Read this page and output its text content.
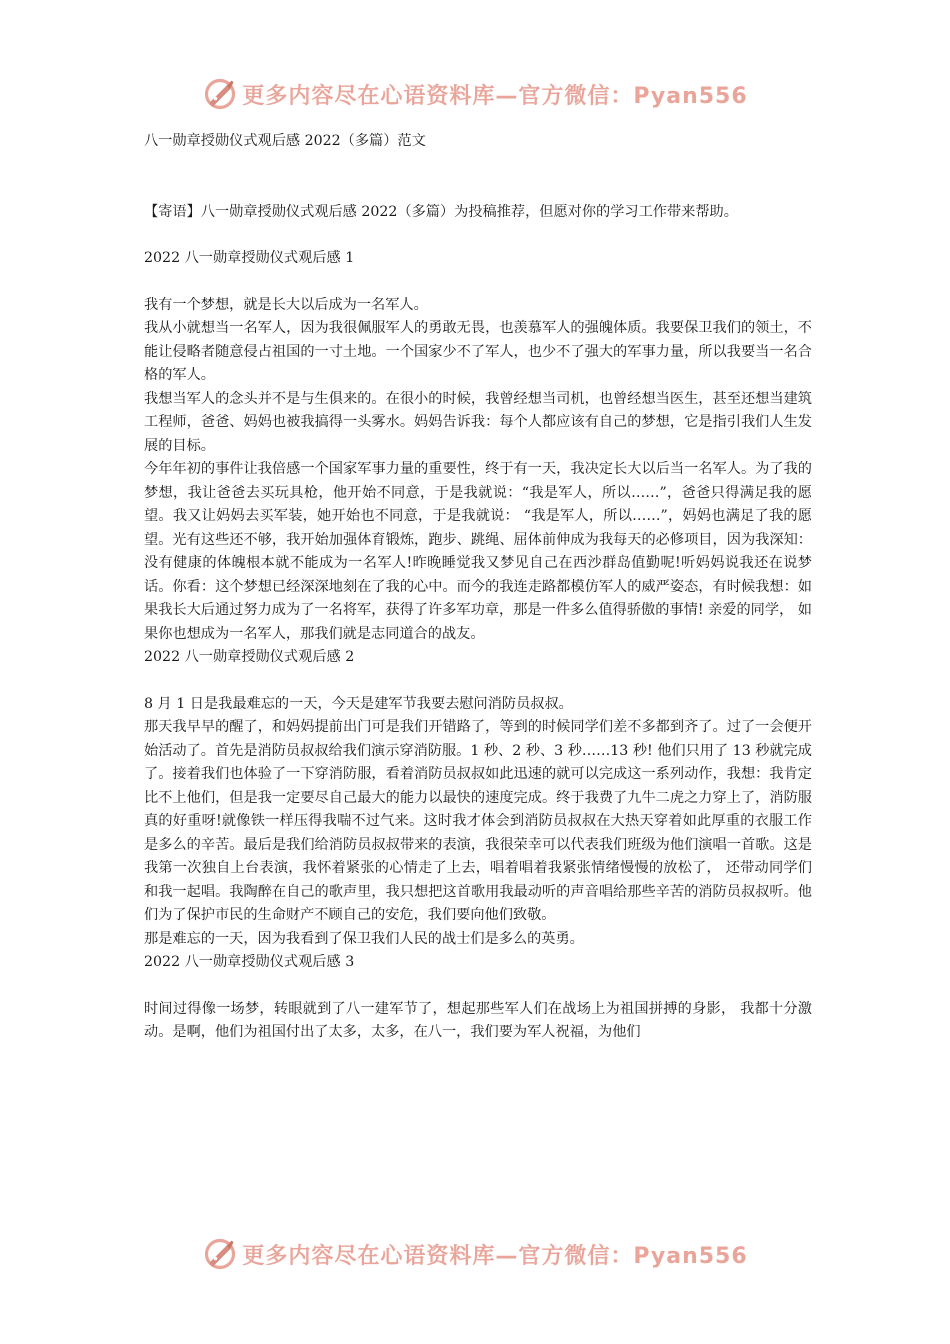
更多内容尽在心语资料库—官方微信：Pyan556

八一勋章授勋仪式观后感 2022（多篇）范文

【寄语】八一勋章授勋仪式观后感 2022（多篇）为投稿推荐，但愿对你的学习工作带来帮助。

2022 八一勋章授勋仪式观后感 1

我有一个梦想，就是长大以后成为一名军人。

我从小就想当一名军人，因为我很佩服军人的勇敢无畏，也羡慕军人的强魄体质。我要保卫我们的领土，不能让侵略者随意侵占祖国的一寸土地。一个国家少不了军人，也少不了强大的军事力量，所以我要当一名合格的军人。

我想当军人的念头并不是与生俱来的。在很小的时候，我曾经想当司机，也曾经想当医生，甚至还想当建筑工程师，爸爸、妈妈也被我搞得一头雾水。妈妈告诉我：每个人都应该有自己的梦想，它是指引我们人生发展的目标。

今年年初的事件让我倍感一个国家军事力量的重要性，终于有一天，我决定长大以后当一名军人。为了我的梦想，我让爸爸去买玩具枪，他开始不同意，于是我就说：“我是军人，所以……”，爸爸只得满足我的愿望。我又让妈妈去买军装，她开始也不同意，于是我就说： “我是军人，所以……”，妈妈也满足了我的愿望。光有这些还不够，我开始加强体育锻炼，跑步、跳绳、屈体前伸成为我每天的必修项目，因为我深知：没有健康的体魄根本就不能成为一名军人!昨晚睡觉我又梦见自己在西沙群岛值勤呢!听妈妈说我还在说梦话。你看：这个梦想已经深深地刻在了我的心中。而今的我连走路都模仿军人的威严姿态，有时候我想：如果我长大后通过努力成为了一名将军，获得了许多军功章，那是一件多么值得骄傲的事情! 亲爱的同学， 如果你也想成为一名军人，那我们就是志同道合的战友。

2022 八一勋章授勋仪式观后感 2

8 月 1 日是我最难忘的一天，今天是建军节我要去慰问消防员叔叔。

那天我早早的醒了，和妈妈提前出门可是我们开错路了，等到的时候同学们差不多都到齐了。过了一会便开始活动了。首先是消防员叔叔给我们演示穿消防服。1 秒、2 秒、3 秒……13 秒! 他们只用了 13 秒就完成了。接着我们也体验了一下穿消防服，看着消防员叔叔如此迅速的就可以完成这一系列动作，我想：我肯定比不上他们，但是我一定要尽自己最大的能力以最快的速度完成。终于我费了九牛二虎之力穿上了，消防服真的好重呀!就像铁一样压得我喘不过气来。这时我才体会到消防员叔叔在大热天穿着如此厚重的衣服工作是多么的辛苦。最后是我们给消防员叔叔带来的表演，我很荣幸可以代表我们班级为他们演唱一首歌。这是我第一次独自上台表演，我怀着紧张的心情走了上去，唱着唱着我紧张情绪慢慢的放松了， 还带动同学们和我一起唱。我陶醉在自己的歌声里，我只想把这首歌用我最动听的声音唱给那些辛苦的消防员叔叔听。他们为了保护市民的生命财产不顾自己的安危，我们要向他们致敬。

那是难忘的一天，因为我看到了保卫我们人民的战士们是多么的英勇。

2022 八一勋章授勋仪式观后感 3

时间过得像一场梦，转眼就到了八一建军节了，想起那些军人们在战场上为祖国拼搏的身影， 我都十分激动。是啊，他们为祖国付出了太多，太多，在八一，我们要为军人祝福，为他们

更多内容尽在心语资料库—官方微信：Pyan556
